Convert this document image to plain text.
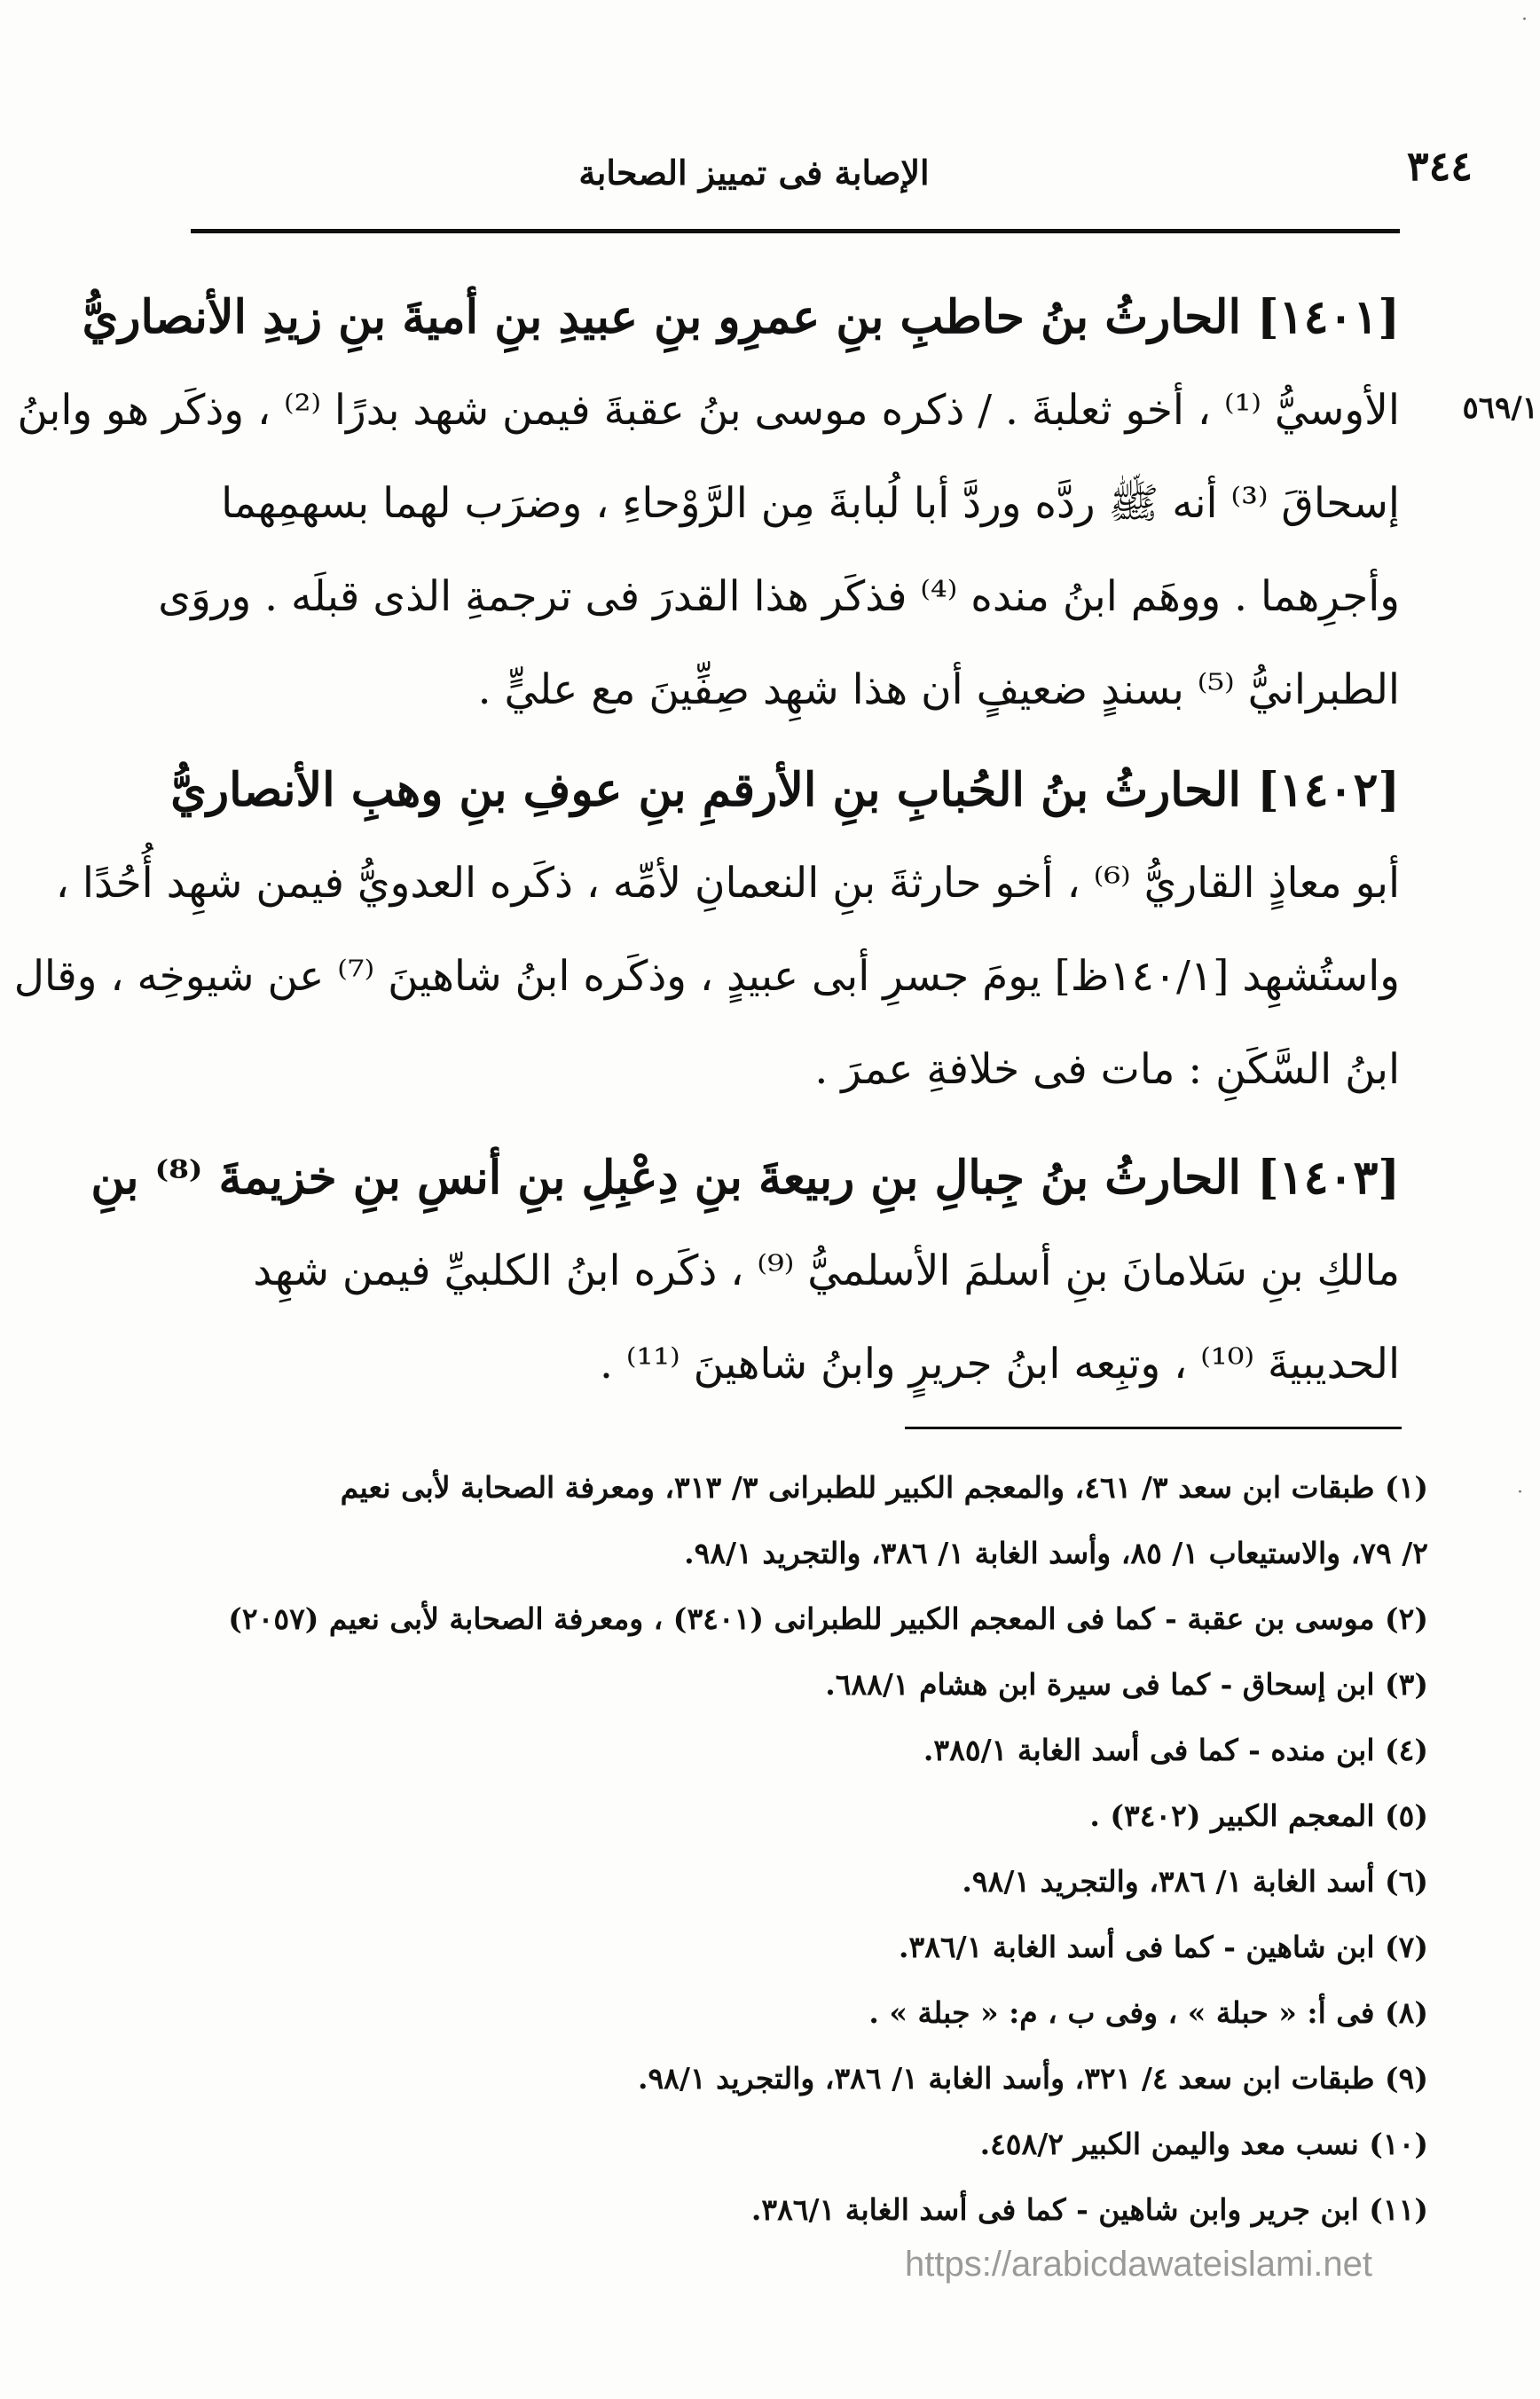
٣٤٤
الإصابة فى تمييز الصحابة
٥٦٩/١
[١٤٠١] الحارثُ بنُ حاطبِ بنِ عمرِو بنِ عبيدِ بنِ أميةَ بنِ زيدِ الأنصاريُّ
الأوسيُّ ⁽¹⁾ ، أخو ثعلبةَ . / ذكره موسى بنُ عقبةَ فيمن شهد بدرًا ⁽²⁾ ، وذكَر هو وابنُ
إسحاقَ ⁽³⁾ أنه ﷺ ردَّه وردَّ أبا لُبابةَ مِن الرَّوْحاءِ ، وضرَب لهما بسهمِهما
وأجرِهما . ووهَم ابنُ منده ⁽⁴⁾ فذكَر هذا القدرَ فى ترجمةِ الذى قبلَه . وروَى
الطبرانيُّ ⁽⁵⁾ بسندٍ ضعيفٍ أن هذا شهِد صِفِّينَ مع عليٍّ .
[١٤٠٢] الحارثُ بنُ الحُبابِ بنِ الأرقمِ بنِ عوفِ بنِ وهبِ الأنصاريُّ
أبو معاذٍ القاريُّ ⁽⁶⁾ ، أخو حارثةَ بنِ النعمانِ لأمِّه ، ذكَره العدويُّ فيمن شهِد أُحُدًا ،
واستُشهِد [١٤٠/١ظ] يومَ جسرِ أبى عبيدٍ ، وذكَره ابنُ شاهينَ ⁽⁷⁾ عن شيوخِه ، وقال
ابنُ السَّكَنِ : مات فى خلافةِ عمرَ .
[١٤٠٣] الحارثُ بنُ جِبالِ بنِ ربيعةَ بنِ دِعْبِلِ بنِ أنسِ بنِ خزيمةَ ⁽⁸⁾ بنِ
مالكِ بنِ سَلامانَ بنِ أسلمَ الأسلميُّ ⁽⁹⁾ ، ذكَره ابنُ الكلبيِّ فيمن شهِد
الحديبيةَ ⁽¹⁰⁾ ، وتبِعه ابنُ جريرٍ وابنُ شاهينَ ⁽¹¹⁾ .
(١) طبقات ابن سعد ٣/ ٤٦١، والمعجم الكبير للطبرانى ٣/ ٣١٣، ومعرفة الصحابة لأبى نعيم
٢/ ٧٩، والاستيعاب ١/ ٨٥، وأسد الغابة ١/ ٣٨٦، والتجريد ٩٨/١.
(٢) موسى بن عقبة - كما فى المعجم الكبير للطبرانى (٣٤٠١) ، ومعرفة الصحابة لأبى نعيم (٢٠٥٧)
(٣) ابن إسحاق - كما فى سيرة ابن هشام ٦٨٨/١.
(٤) ابن منده - كما فى أسد الغابة ٣٨٥/١.
(٥) المعجم الكبير (٣٤٠٢) .
(٦) أسد الغابة ١/ ٣٨٦، والتجريد ٩٨/١.
(٧) ابن شاهين - كما فى أسد الغابة ٣٨٦/١.
(٨) فى أ: « حبلة » ، وفى ب ، م: « جبلة » .
(٩) طبقات ابن سعد ٤/ ٣٢١، وأسد الغابة ١/ ٣٨٦، والتجريد ٩٨/١.
(١٠) نسب معد واليمن الكبير ٤٥٨/٢.
(١١) ابن جرير وابن شاهين - كما فى أسد الغابة ٣٨٦/١.
https://arabicdawateislami.net
·
·
